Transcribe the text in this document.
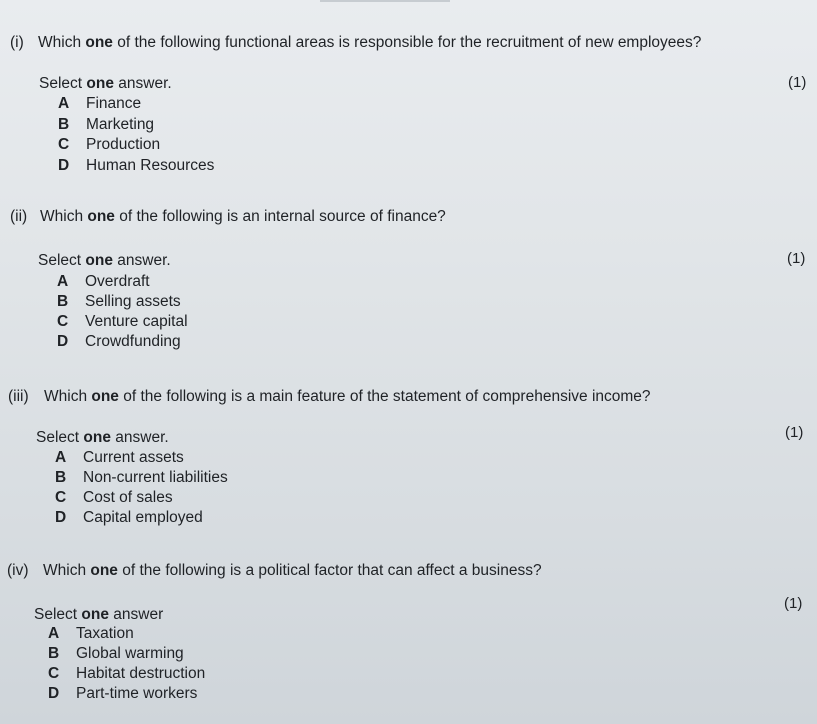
(i) Which one of the following functional areas is responsible for the recruitment of new employees?
Select one answer.	(1)
A Finance
B Marketing
C Production
D Human Resources
(ii) Which one of the following is an internal source of finance?
Select one answer.	(1)
A Overdraft
B Selling assets
C Venture capital
D Crowdfunding
(iii) Which one of the following is a main feature of the statement of comprehensive income?
Select one answer.	(1)
A Current assets
B Non-current liabilities
C Cost of sales
D Capital employed
(iv) Which one of the following is a political factor that can affect a business?
Select one answer
(1)
A Taxation
B Global warming
C Habitat destruction
D Part-time workers
